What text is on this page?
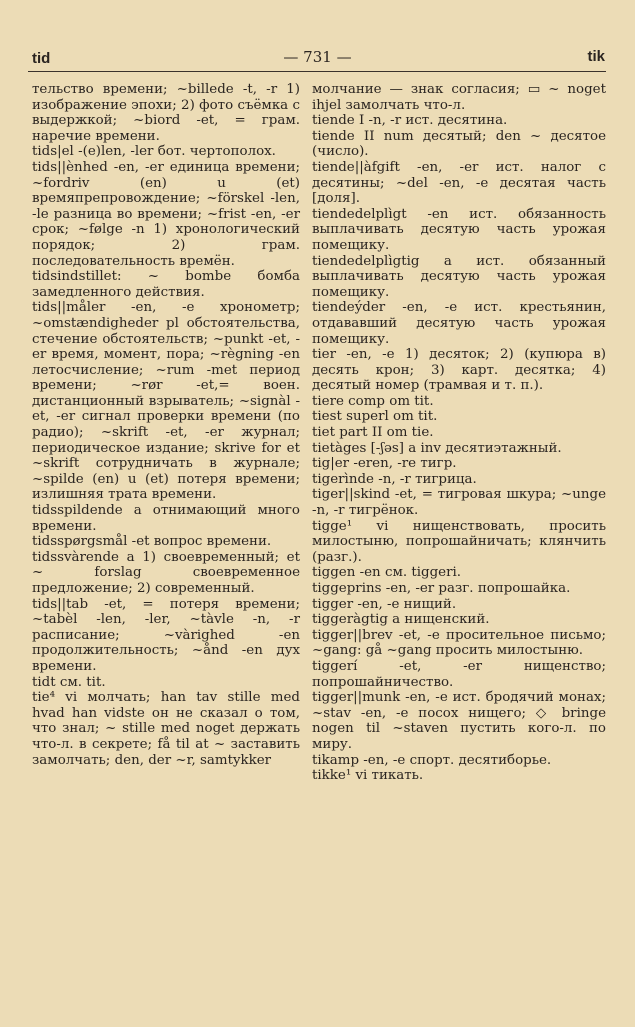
tid	— 731 —	tik

тельство времени; ~billede -t, -r 1) изображение эпохи; 2) фото съёмка с выдержкой; ~biord -et, = грам. наречие времени.

tids|el -(e)len, -ler бот. чертополох.

tids||ènhed -en, -er единица времени; ~fordriv (en) u (et) времяпрепровождение; ~förskel -len, -le разница во времени; ~frist -en, -er срок; ~følge -n 1) хронологический порядок; 2) грам. последовательность времён.

tidsindstillet: ~ bombe бомба замедленного действия.

tids||måler -en, -e хронометр; ~omstændigheder pl обстоятельства, стечение обстоятельств; ~punkt -et, -er время, момент, пора; ~règning -en летосчисление; ~rum -met период времени; ~rør -et,= воен. дистанционный взрыватель; ~signàl -et, -er сигнал проверки времени (по радио); ~skrift -et, -er журнал; периодическое издание; skrive for et ~skrift сотрудничать в журнале; ~spilde (en) u (et) потеря времени; излишняя трата времени.

tidsspildende a отнимающий много времени.

tidsspørgsmål -et вопрос времени.

tidssvàrende a 1) своевременный; et ~ forslag своевременное предложение; 2) современный.

tids||tab -et, = потеря времени; ~tabèl -len, -ler, ~tàvle -n, -r расписание; ~vàrighed -en продолжительность; ~ånd -en дух времени.

tidt см. tit.

tie⁴ vi молчать; han tav stille med hvad han vidste он не сказал о том, что знал; ~ stille med noget держать что-л. в секрете; få til at ~ заставить замолчать; den, der ~r, samtykker

молчание — знак согласия; ▭ ~ noget ihjel замолчать что-л.

tiende I -n, -r ист. десятина.

tiende II num десятый; den ~ десятое (число).

tiende||àfgift -en, -er ист. налог с десятины; ~del -en, -e десятая часть [доля].

tiendedelplìgt -en ист. обязанность выплачивать десятую часть урожая помещику.

tiendedelplìgtig a ист. обязанный выплачивать десятую часть урожая помещику.

tiendeýder -en, -e ист. крестьянин, отдававший десятую часть урожая помещику.

tier -en, -e 1) десяток; 2) (купюра в) десять крон; 3) карт. десятка; 4) десятый номер (трамвая и т. п.).

tiere comp om tit.

tiest superl om tit.

tiet part II om tie.

tietàges [-ʃəs] a inv десятиэтажный.

tig|er -eren, -re тигр.

tigerìnde -n, -r тигрица.

tiger||skind -et, = тигровая шкура; ~unge -n, -r тигрёнок.

tigge¹ vi нищенствовать, просить милостыню, попрошайничать; клянчить (разг.).

tiggen -en см. tiggeri.

tiggeprins -en, -er разг. попрошайка.

tigger -en, -e нищий.

tiggeràgtig a нищенский.

tigger||brev -et, -e просительное письмо; ~gang: gå ~gang просить милостыню.

tiggerí -et, -er нищенство; попрошайничество.

tigger||munk -en, -e ист. бродячий монах; ~stav -en, -e посох нищего; ◇ bringe nogen til ~staven пустить кого-л. по миру.

tikamp -en, -e спорт. десятиборье.

tikke¹ vi тикать.
